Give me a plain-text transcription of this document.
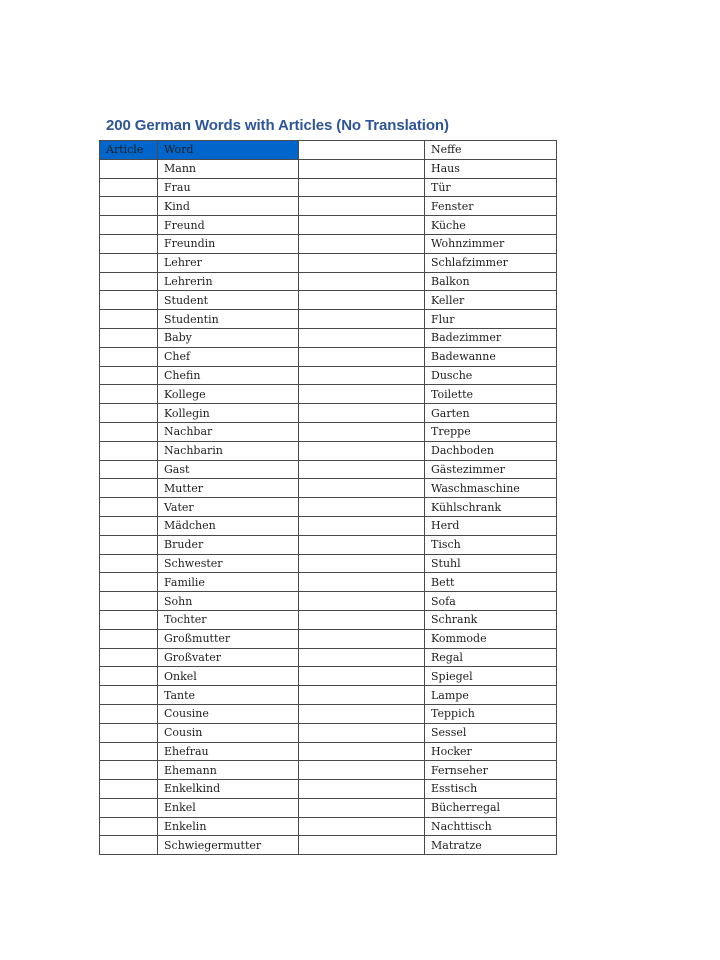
200 German Words with Articles (No Translation)
Article	Word		Neffe
	Mann		Haus
	Frau		Tür
	Kind		Fenster
	Freund		Küche
	Freundin		Wohnzimmer
	Lehrer		Schlafzimmer
	Lehrerin		Balkon
	Student		Keller
	Studentin		Flur
	Baby		Badezimmer
	Chef		Badewanne
	Chefin		Dusche
	Kollege		Toilette
	Kollegin		Garten
	Nachbar		Treppe
	Nachbarin		Dachboden
	Gast		Gästezimmer
	Mutter		Waschmaschine
	Vater		Kühlschrank
	Mädchen		Herd
	Bruder		Tisch
	Schwester		Stuhl
	Familie		Bett
	Sohn		Sofa
	Tochter		Schrank
	Großmutter		Kommode
	Großvater		Regal
	Onkel		Spiegel
	Tante		Lampe
	Cousine		Teppich
	Cousin		Sessel
	Ehefrau		Hocker
	Ehemann		Fernseher
	Enkelkind		Esstisch
	Enkel		Bücherregal
	Enkelin		Nachttisch
	Schwiegermutter		Matratze
